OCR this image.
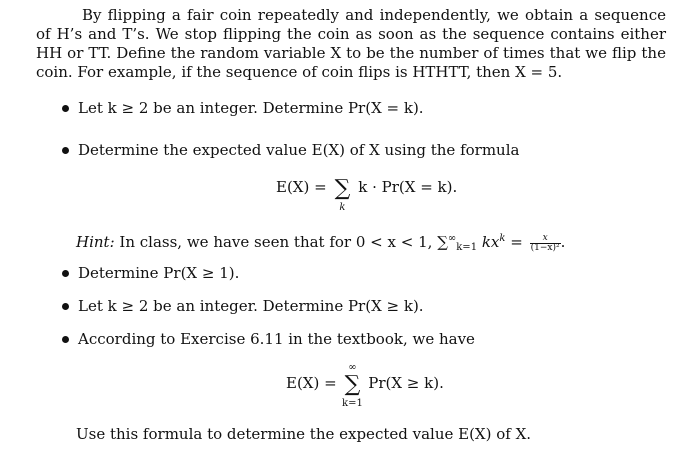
By flipping a fair coin repeatedly and independently, we obtain a sequence of H’s and T’s. We stop flipping the coin as soon as the sequence contains either HH or TT. Define the random variable X to be the number of times that we flip the coin. For example, if the sequence of coin flips is HTHTT, then X = 5.
Let k ≥ 2 be an integer. Determine Pr(X = k).
Determine the expected value E(X) of X using the formula
E(X) = ∑
k
k · Pr(X = k).
Hint: In class, we have seen that for 0 < x < 1, $\sum^\infty_{k=1}$ $kx^k = \frac{x}{\text{(1−x)²}}$ .
Determine Pr(X ≥ 1).
Let k ≥ 2 be an integer. Determine Pr(X ≥ k).
According to Exercise 6.11 in the textbook, we have
E(X) =
∞
∑
k=1
Pr(X ≥ k).
Use this formula to determine the expected value E(X) of X.
